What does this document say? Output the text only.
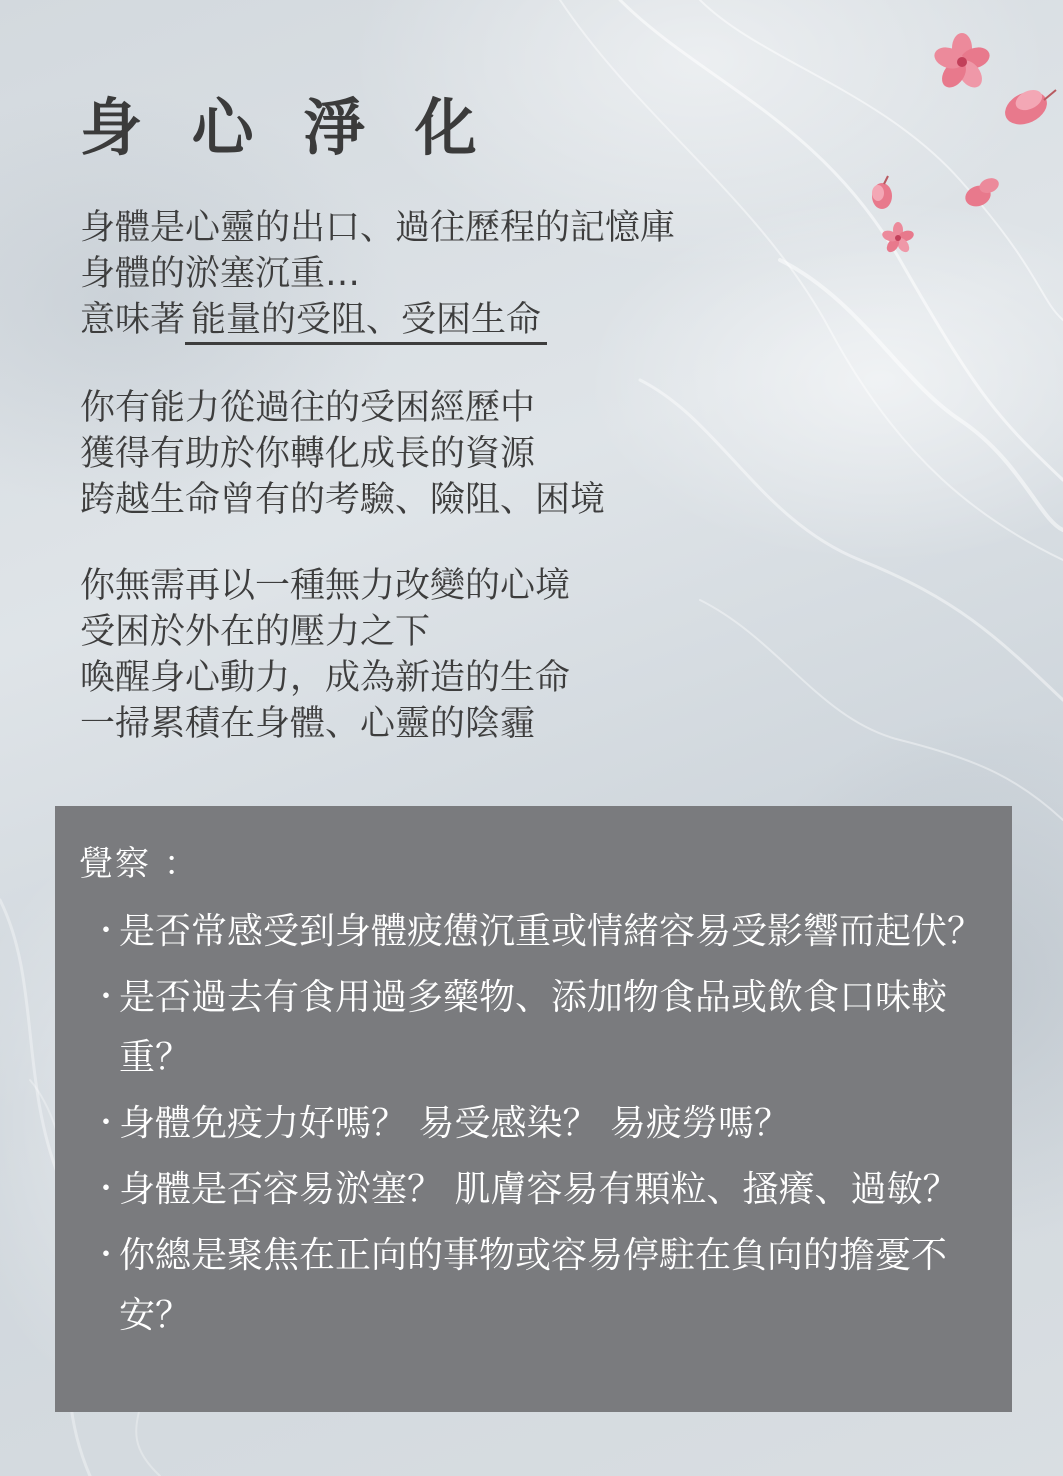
身 心 淨 化

身體是心靈的出口、過往歷程的記憶庫

身體的淤塞沉重…

意味著 能量的受阻、受困生命

你有能力從過往的受困經歷中

獲得有助於你轉化成長的資源

跨越生命曾有的考驗、險阻、困境

你無需再以一種無力改變的心境

受困於外在的壓力之下

喚醒身心動力，成為新造的生命

一掃累積在身體、心靈的陰霾

覺察 ：
・
是否常感受到身體疲憊沉重或情緒容易受影響而起伏？
・
是否過去有食用過多藥物、添加物食品或飲食口味較重？
・
身體免疫力好嗎？ 易受感染？ 易疲勞嗎？
・
身體是否容易淤塞？ 肌膚容易有顆粒、搔癢、過敏？
・
你總是聚焦在正向的事物或容易停駐在負向的擔憂不安？
